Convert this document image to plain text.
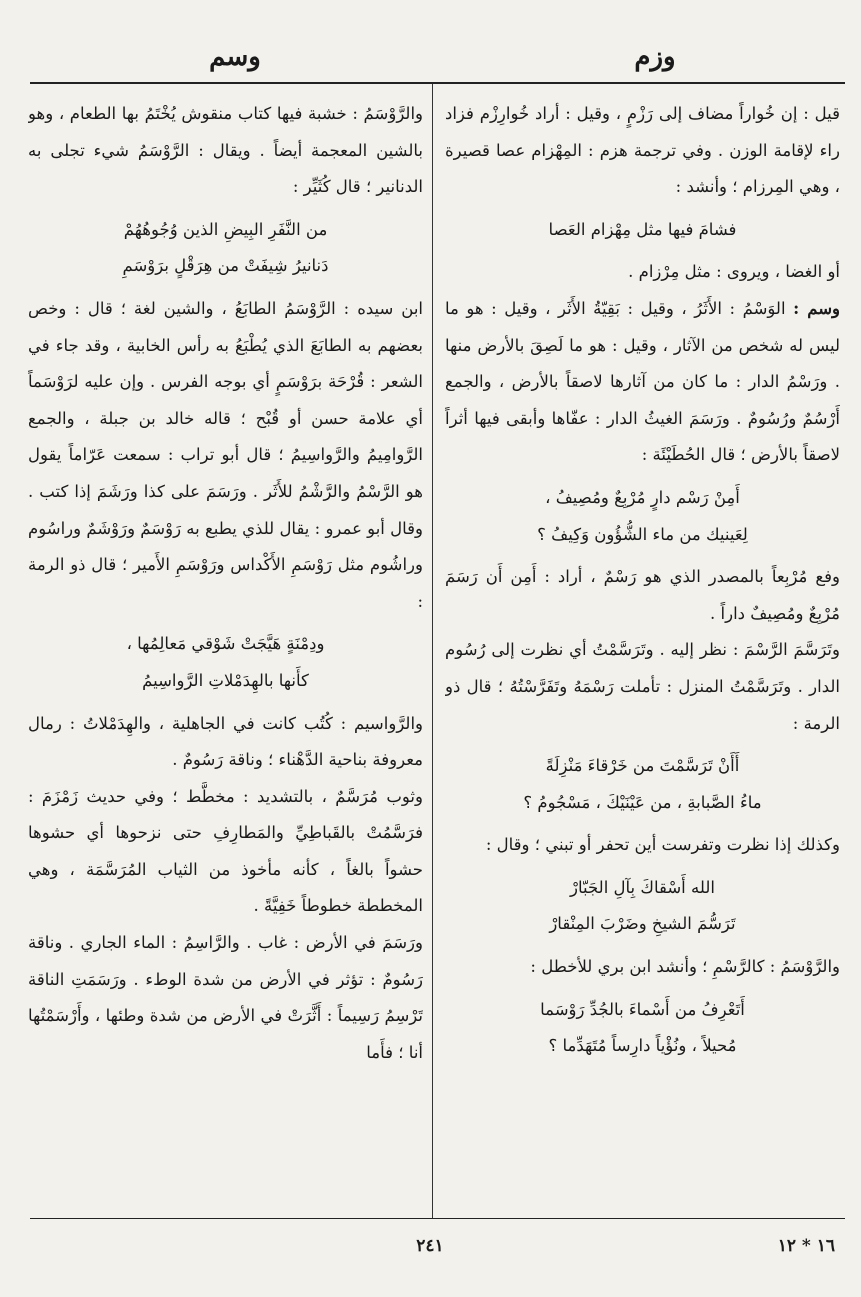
وزم
وسم

قيل : إن خُواراً مضاف إلى رَزْمٍ ، وقيل : أراد خُوارِزْم فزاد راء لإقامة الوزن . وفي ترجمة هزم : المِهْزام عصا قصيرة ، وهي المِرزام ؛ وأنشد :

فشامَ فيها مثل مِهْزام العَصا

أو الغضا ، ويروى : مثل مِرْزام .

وسم : الوَسْمُ : الأَثَرُ ، وقيل : بَقِيّةُ الأَثَر ، وقيل : هو ما ليس له شخص من الآثار ، وقيل : هو ما لَصِقَ بالأرض منها . ورَسْمُ الدار : ما كان من آثارها لاصقاً بالأرض ، والجمع أَرْسُمٌ ورُسُومٌ . ورَسَمَ الغيثُ الدار : عفّاها وأبقى فيها أثراً لاصقاً بالأرض ؛ قال الحُطَيْئَة :

أَمِنْ رَسْم دارٍ مُرْبِعٌ ومُصِيفُ ،
لِعَينيك من ماء الشُّؤُون وَكِيفُ ؟

وفع مُرْبِعاً بالمصدر الذي هو رَسْمٌ ، أراد : أَمِن أَن رَسَمَ مُرْبِعٌ ومُصِيفٌ داراً .

وتَرَسَّمَ الرَّسْمَ : نظر إليه . وتَرَسَّمْتُ أي نظرت إلى رُسُوم الدار . وتَرَسَّمْتُ المنزل : تأملت رَسْمَهُ وتَفَرَّسْتُهُ ؛ قال ذو الرمة :

أَأَنْ تَرَسَّمْتَ من خَرْقاءَ مَنْزِلَةً
ماءُ الصَّبابةِ ، من عَيْنَيْكَ ، مَسْجُومُ ؟

وكذلك إذا نظرت وتفرست أين تحفر أو تبني ؛ وقال :

الله أَسْقاكَ بِآلِ الجَبّارْ
تَرَسُّمَ الشيخِ وضَرْبَ المِنْقارْ

والرَّوْسَمُ : كالرَّسْمِ ؛ وأنشد ابن بري للأخطل :

أَتَعْرِفُ من أَسْماءَ بالجُدِّ رَوْسَما
مُحيلاً ، ونُؤْياً دارِساً مُتَهَدِّما ؟

والرَّوْسَمُ : خشبة فيها كتاب منقوش يُخْتَمُ بها الطعام ، وهو بالشين المعجمة أيضاً . ويقال : الرَّوْسَمُ شيء تجلى به الدنانير ؛ قال كُثَيِّر :

من النَّفَرِ البِيضِ الذين وُجُوهُهُمْ
دَنانيرُ شِيفَتْ من هِرَقْلٍ برَوْسَمِ

ابن سيده : الرَّوْسَمُ الطابَعُ ، والشين لغة ؛ قال : وخص بعضهم به الطابَعَ الذي يُطْبَعُ به رأس الخابية ، وقد جاء في الشعر : قُرْحَة برَوْسَمٍ أي بوجه الفرس . وإن عليه لرَوْسَماً أي علامة حسن أو قُبْح ؛ قاله خالد بن جبلة ، والجمع الرَّوامِيمُ والرَّواسِيمُ ؛ قال أبو تراب : سمعت عَرّاماً يقول هو الرَّسْمُ والرَّشْمُ للأَثَر . ورَسَمَ على كذا ورَشَمَ إذا كتب . وقال أبو عمرو : يقال للذي يطبع به رَوْسَمٌ ورَوْشَمٌ وراسُوم وراشُوم مثل رَوْسَمِ الأَكْداس ورَوْسَمِ الأَمير ؛ قال ذو الرمة :

ودِمْنَةٍ هَيَّجَتْ شَوْقي مَعالِمُها ،
كأَنها بالهِدَمْلاتِ الرَّواسِيمُ

والرَّواسيم : كُتُب كانت في الجاهلية ، والهِدَمْلاتُ : رمال معروفة بناحية الدَّهْناء ؛ وناقة رَسُومٌ .

وثوب مُرَسَّمٌ ، بالتشديد : مخطَّط ؛ وفي حديث زَمْزَمَ : فرَسَّمُتْ بالقَباطِيِّ والمَطارِفِ حتى نزحوها أي حشوها حشواً بالغاً ، كأنه مأخوذ من الثياب المُرَسَّمَة ، وهي المخططة خطوطاً خَفِيَّةً .

ورَسَمَ في الأرض : غاب . والرَّاسِمُ : الماء الجاري . وناقة رَسُومٌ : تؤثر في الأرض من شدة الوطء . ورَسَمَتِ الناقة تَرْسِمُ رَسِيماً : أَثَّرَتْ في الأرض من شدة وطئها ، وأَرْسَمْتُها أنا ؛ فأَما

٢٤١	١٦ * ١٢
